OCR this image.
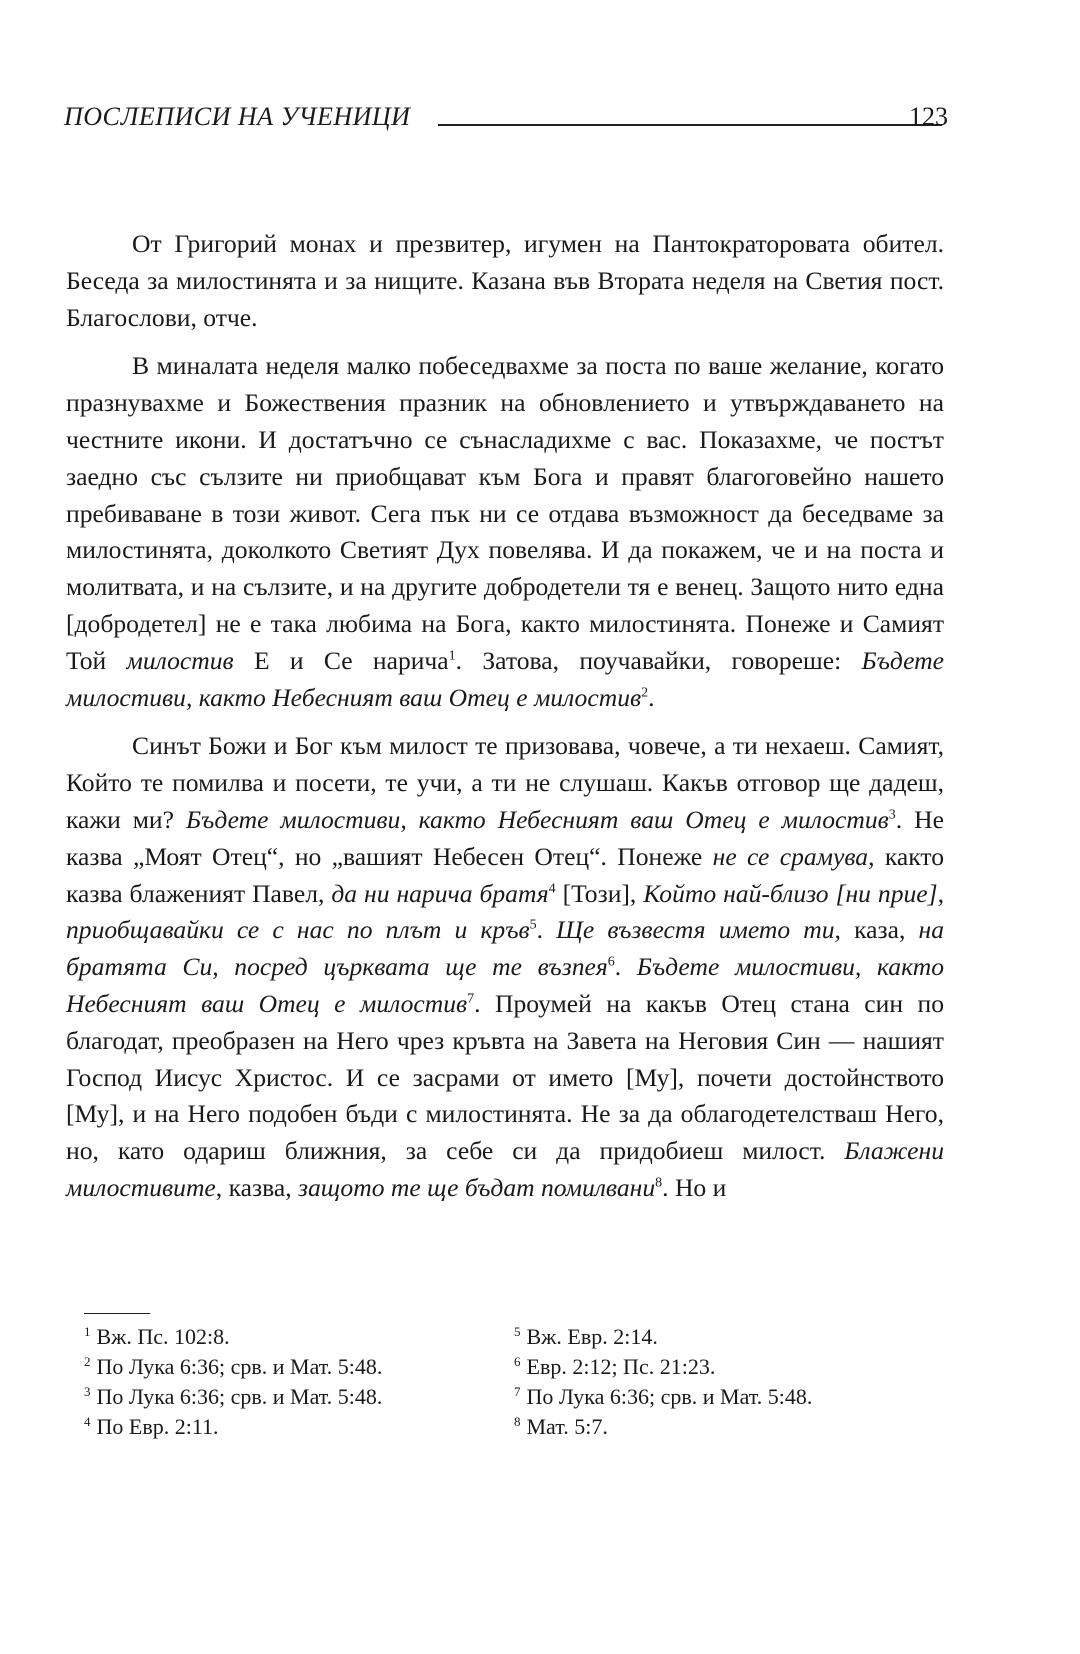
ПОСЛЕПИСИ НА УЧЕНИЦИ	123

От Григорий монах и презвитер, игумен на Пантократоровата обител. Беседа за милостинята и за нищите. Казана във Втората неделя на Светия пост. Благослови, отче.

В миналата неделя малко побеседвахме за поста по ваше желание, когато празнувахме и Божествения празник на обновлението и утвърждаването на честните икони. И достатъчно се сънасладихме с вас. Показахме, че постът заедно със сълзите ни приобщават към Бога и правят благоговейно нашето пребиваване в този живот. Сега пък ни се отдава възможност да беседваме за милостинята, доколкото Светият Дух повелява. И да покажем, че и на поста и молитвата, и на сълзите, и на другите добродетели тя е венец. Защото нито една [добродетел] не е така любима на Бога, както милостинята. Понеже и Самият Той милостив Е и Се нарича$^1$. Затова, поучавайки, говореше: Бъдете милостиви, както Небесният ваш Отец е милостив$^2$.

Синът Божи и Бог към милост те призовава, човече, а ти нехаеш. Самият, Който те помилва и посети, те учи, а ти не слушаш. Какъв отговор ще дадеш, кажи ми? Бъдете милостиви, както Небесният ваш Отец е милостив$^3$. Не казва „Моят Отец“, но „вашият Небесен Отец“. Понеже не се срамува, както казва блаженият Павел, да ни нарича братя$^4$ [Този], Който най-близо [ни прие], приобщавайки се с нас по плът и кръв$^5$. Ще възвестя името ти, каза, на братята Си, посред църквата ще те възпея$^6$. Бъдете милостиви, както Небесният ваш Отец е милостив$^7$. Проумей на какъв Отец стана син по благодат, преобразен на Него чрез кръвта на Завета на Неговия Син — нашият Господ Иисус Христос. И се засрами от името [Му], почети достойнството [Му], и на Него подобен бъди с милостинята. Не за да облагодетелстваш Него, но, като одариш ближния, за себе си да придобиеш милост. Блажени милостивите, казва, защото те ще бъдат помилвани$^8$. Но и

$^1$ Вж. Пс. 102:8.
$^2$ По Лука 6:36; срв. и Мат. 5:48.
$^3$ По Лука 6:36; срв. и Мат. 5:48.
$^4$ По Евр. 2:11.
$^5$ Вж. Евр. 2:14.
$^6$ Евр. 2:12; Пс. 21:23.
$^7$ По Лука 6:36; срв. и Мат. 5:48.
$^8$ Мат. 5:7.
